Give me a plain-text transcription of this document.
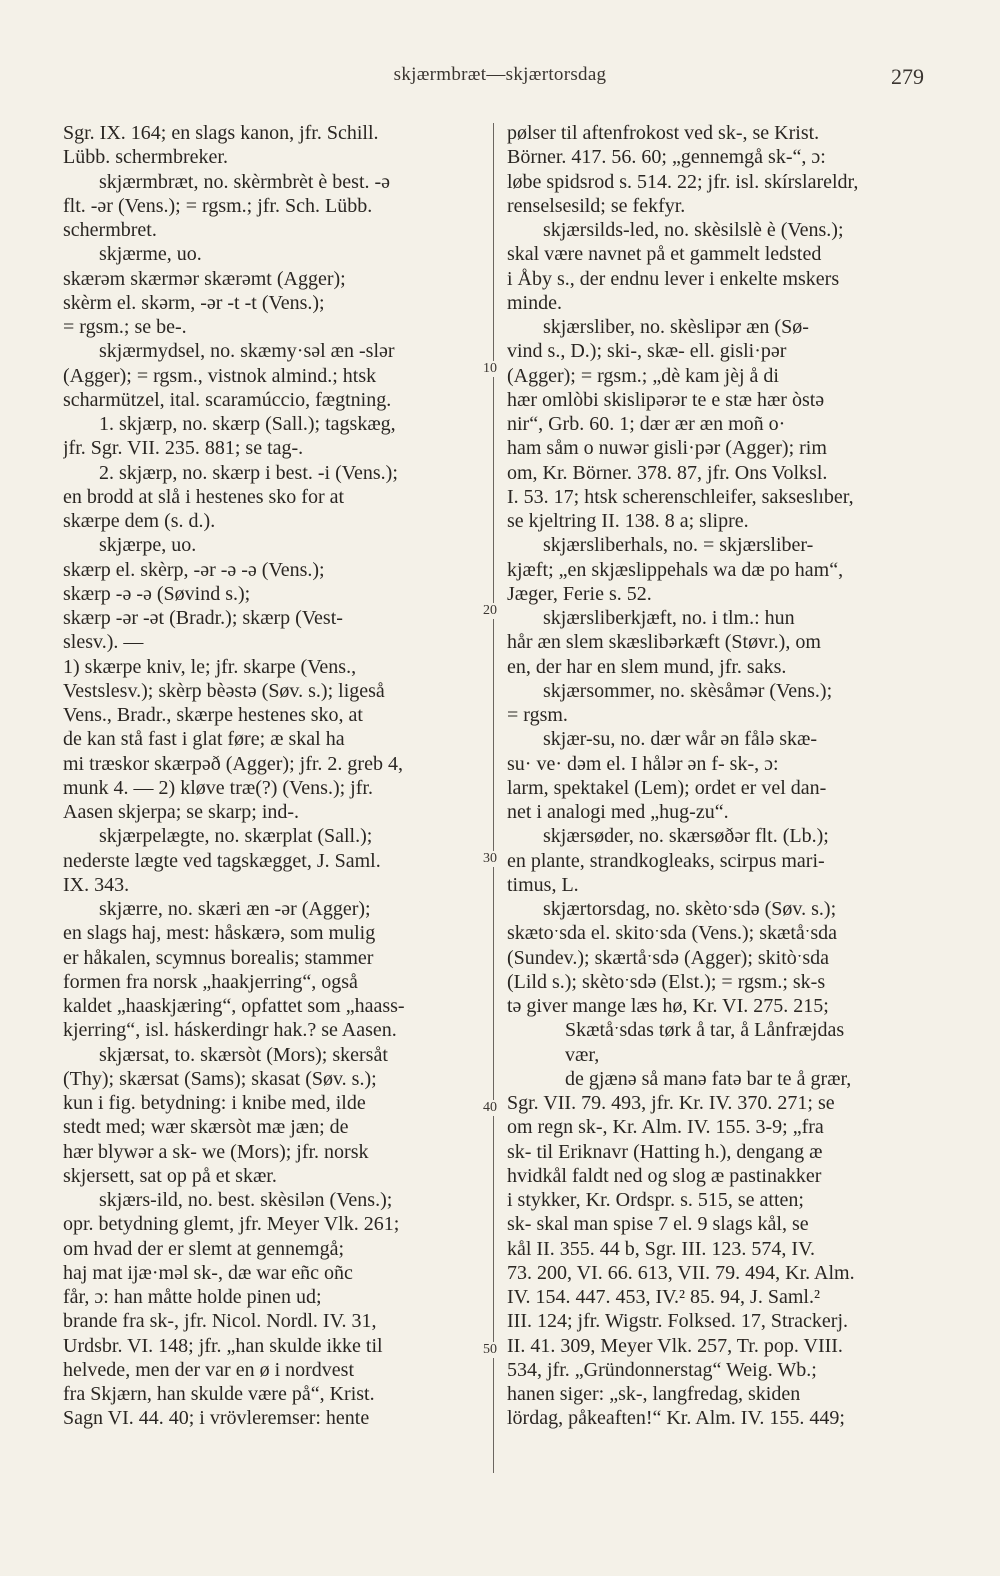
skjærmbræt—skjærtorsdag	279
Sgr. IX. 164; en slags kanon, jfr. Schill.
Lübb. schermbreker.
skjærmbræt, no. skèrmbrèt è best. -ə
flt. -ər (Vens.); = rgsm.; jfr. Sch. Lübb.
schermbret.
skjærme, uo.
skærəm skærmər skærəmt (Agger);
skèrm el. skərm, -ər -t -t (Vens.);
= rgsm.; se be-.
skjærmydsel, no. skæmy·səl æn -slər
(Agger); = rgsm., vistnok almind.; htsk
scharmützel, ital. scaramúccio, fægtning.
1. skjærp, no. skærp (Sall.); tagskæg,
jfr. Sgr. VII. 235. 881; se tag-.
2. skjærp, no. skærp i best. -i (Vens.);
en brodd at slå i hestenes sko for at
skærpe dem (s. d.).
skjærpe, uo.
skærp el. skèrp, -ər -ə -ə (Vens.);
skærp -ə -ə (Søvind s.);
skærp -ər -ət (Bradr.); skærp (Vest-
slesv.). —
1) skærpe kniv, le; jfr. skarpe (Vens.,
Vestslesv.); skèrp bèəstə (Søv. s.); ligeså
Vens., Bradr., skærpe hestenes sko, at
de kan stå fast i glat føre; æ skal ha
mi træskor skærpəð (Agger); jfr. 2. greb 4,
munk 4. — 2) kløve træ(?) (Vens.); jfr.
Aasen skjerpa; se skarp; ind-.
skjærpelægte, no. skærplat (Sall.);
nederste lægte ved tagskægget, J. Saml.
IX. 343.
skjærre, no. skæri æn -ər (Agger);
en slags haj, mest: håskærə, som mulig
er håkalen, scymnus borealis; stammer
formen fra norsk „haakjerring“, også
kaldet „haaskjæring“, opfattet som „haass-
kjerring“, isl. háskerdingr hak.? se Aasen.
skjærsat, to. skærsòt (Mors); skersåt
(Thy); skærsat (Sams); skasat (Søv. s.);
kun i fig. betydning: i knibe med, ilde
stedt med; wær skærsòt mæ jæn; de
hær blywər a sk- we (Mors); jfr. norsk
skjersett, sat op på et skær.
skjærs-ild, no. best. skèsilən (Vens.);
opr. betydning glemt, jfr. Meyer Vlk. 261;
om hvad der er slemt at gennemgå;
haj mat ijæ·məl sk-, dæ war eñc oñc
får, ɔ: han måtte holde pinen ud;
brande fra sk-, jfr. Nicol. Nordl. IV. 31,
Urdsbr. VI. 148; jfr. „han skulde ikke til
helvede, men der var en ø i nordvest
fra Skjærn, han skulde være på“, Krist.
Sagn VI. 44. 40; i vrövleremser: hente
pølser til aftenfrokost ved sk-, se Krist.
Börner. 417. 56. 60; „gennemgå sk-“, ɔ:
løbe spidsrod s. 514. 22; jfr. isl. skírslareldr,
renselsesild; se fekfyr.
skjærsilds-led, no. skèsilslè è (Vens.);
skal være navnet på et gammelt ledsted
i Åby s., der endnu lever i enkelte mskers
minde.
skjærsliber, no. skèslipər æn (Sø-
vind s., D.); ski-, skæ- ell. gisli·pər
(Agger); = rgsm.; „dè kam jèj å di
hær omlòbi skislipərər te e stæ hær òstə
nir“, Grb. 60. 1; dær ær æn moñ o·
ham såm o nuwər gisli·pər (Agger); rim
om, Kr. Börner. 378. 87, jfr. Ons Volksl.
I. 53. 17; htsk scherenschleifer, sakseslıber,
se kjeltring II. 138. 8 a; slipre.
skjærsliberhals, no. = skjærsliber-
kjæft; „en skjæslippehals wa dæ po ham“,
Jæger, Ferie s. 52.
skjærsliberkjæft, no. i tlm.: hun
hår æn slem skæslibərkæft (Støvr.), om
en, der har en slem mund, jfr. saks.
skjærsommer, no. skèsåmər (Vens.);
= rgsm.
skjær-su, no. dær wår ən fålə skæ-
su· ve· dəm el. I hålər ən f- sk-, ɔ:
larm, spektakel (Lem); ordet er vel dan-
net i analogi med „hug-zu“.
skjærsøder, no. skærsøðər flt. (Lb.);
en plante, strandkogleaks, scirpus mari-
timus, L.
skjærtorsdag, no. skètoˑsdə (Søv. s.);
skætoˑsda el. skitoˑsda (Vens.); skætåˑsda
(Sundev.); skærtåˑsdə (Agger); skitòˑsda
(Lild s.); skètoˑsdə (Elst.); = rgsm.; sk-s
tə giver mange læs hø, Kr. VI. 275. 215;
Skætåˑsdas tørk å tar, å Lånfræjdas
vær,
de gjænə så manə fatə bar te å grær,
Sgr. VII. 79. 493, jfr. Kr. IV. 370. 271; se
om regn sk-, Kr. Alm. IV. 155. 3-9; „fra
sk- til Eriknavr (Hatting h.), dengang æ
hvidkål faldt ned og slog æ pastinakker
i stykker, Kr. Ordspr. s. 515, se atten;
sk- skal man spise 7 el. 9 slags kål, se
kål II. 355. 44 b, Sgr. III. 123. 574, IV.
73. 200, VI. 66. 613, VII. 79. 494, Kr. Alm.
IV. 154. 447. 453, IV.² 85. 94, J. Saml.²
III. 124; jfr. Wigstr. Folksed. 17, Strackerj.
II. 41. 309, Meyer Vlk. 257, Tr. pop. VIII.
534, jfr. „Gründonnerstag“ Weig. Wb.;
hanen siger: „sk-, langfredag, skiden
lördag, påkeaften!“ Kr. Alm. IV. 155. 449;
10
20
30
40
50
